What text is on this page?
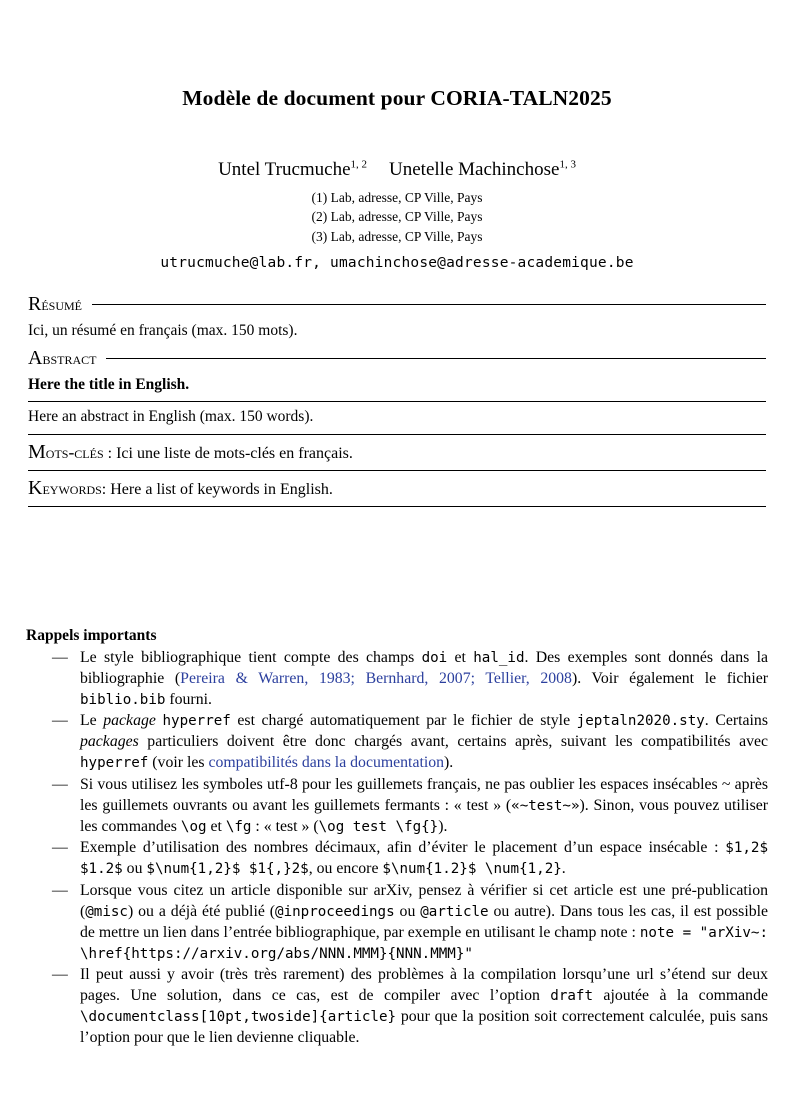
Modèle de document pour CORIA-TALN2025
Untel Trucmuche$^{1, 2}$ Unetelle Machinchose$^{1, 3}$
(1) Lab, adresse, CP Ville, Pays
(2) Lab, adresse, CP Ville, Pays
(3) Lab, adresse, CP Ville, Pays
utrucmuche@lab.fr, umachinchose@adresse-academique.be
Résumé
Ici, un résumé en français (max. 150 mots).
Abstract
Here the title in English.
Here an abstract in English (max. 150 words).
Mots-clés : Ici une liste de mots-clés en français.
Keywords: Here a list of keywords in English.
Rappels importants
— Le style bibliographique tient compte des champs doi et hal_id. Des exemples sont donnés dans la bibliographie (Pereira & Warren, 1983; Bernhard, 2007; Tellier, 2008). Voir également le fichier biblio.bib fourni.
— Le package hyperref est chargé automatiquement par le fichier de style jeptaln2020.sty. Certains packages particuliers doivent être donc chargés avant, certains après, suivant les compatibilités avec hyperref (voir les compatibilités dans la documentation).
— Si vous utilisez les symboles utf-8 pour les guillemets français, ne pas oublier les espaces insécables ~ après les guillemets ouvrants ou avant les guillemets fermants : « test » («~test~»). Sinon, vous pouvez utiliser les commandes \og et \fg : « test » (\og test \fg{}).
— Exemple d’utilisation des nombres décimaux, afin d’éviter le placement d’un espace insécable : $1,2$ $1.2$ ou $\num{1,2}$ $1{,}2$, ou encore $\num{1.2}$ \num{1,2}.
— Lorsque vous citez un article disponible sur arXiv, pensez à vérifier si cet article est une pré-publication (@misc) ou a déjà été publié (@inproceedings ou @article ou autre). Dans tous les cas, il est possible de mettre un lien dans l’entrée bibliographique, par exemple en utilisant le champ note : note = "arXiv~: \href{https://arxiv.org/abs/NNN.MMM}{NNN.MMM}"
— Il peut aussi y avoir (très très rarement) des problèmes à la compilation lorsqu’une url s’étend sur deux pages. Une solution, dans ce cas, est de compiler avec l’option draft ajoutée à la commande \documentclass[10pt,twoside]{article} pour que la position soit correctement calculée, puis sans l’option pour que le lien devienne cliquable.
